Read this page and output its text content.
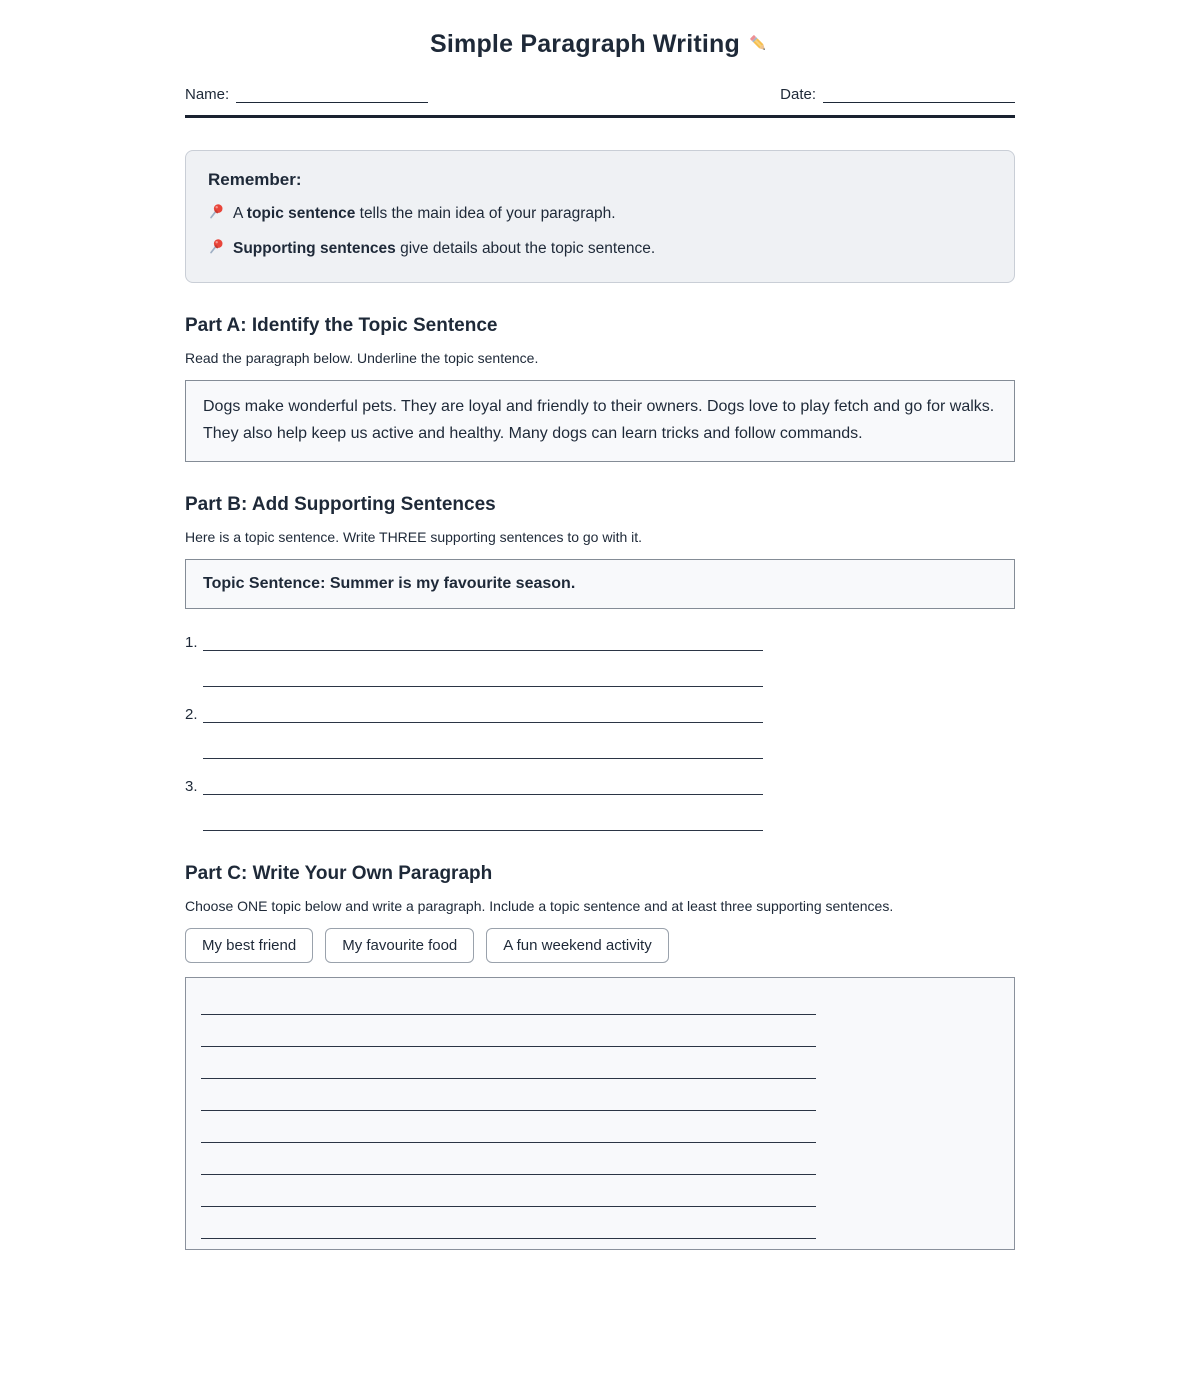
Simple Paragraph Writing
Name:	Date:

Remember:

A topic sentence tells the main idea of your paragraph.
Supporting sentences give details about the topic sentence.
Part A: Identify the Topic Sentence

Read the paragraph below. Underline the topic sentence.

Dogs make wonderful pets. They are loyal and friendly to their owners. Dogs love to play fetch and go for walks. They also help keep us active and healthy. Many dogs can learn tricks and follow commands.
Part B: Add Supporting Sentences

Here is a topic sentence. Write THREE supporting sentences to go with it.

Topic Sentence: Summer is my favourite season.
1.
2.
3.
Part C: Write Your Own Paragraph

Choose ONE topic below and write a paragraph. Include a topic sentence and at least three supporting sentences.

My best friend	My favourite food	A fun weekend activity
